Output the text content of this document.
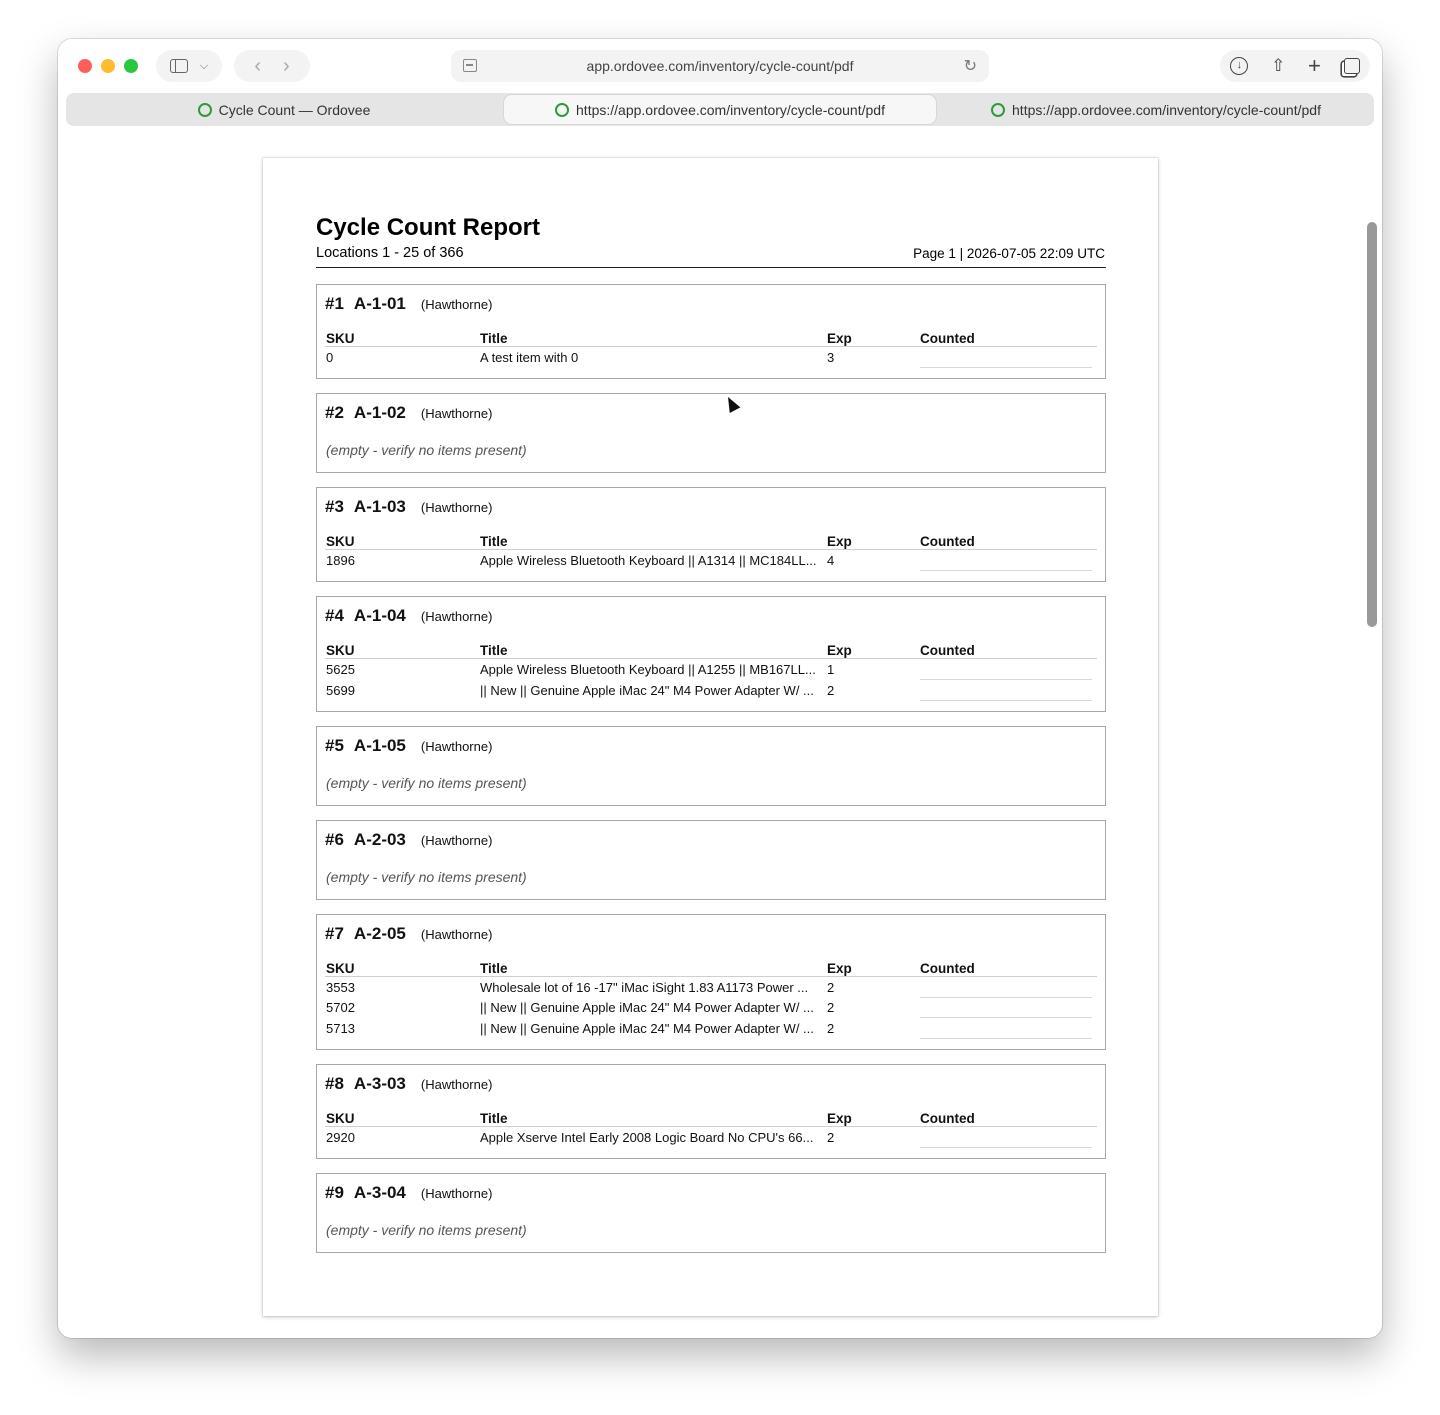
⌵ ‹ ›	app.ordovee.com/inventory/cycle-count/pdf	↻	↓	⇧ +
Cycle Count — Ordovee	https://app.ordovee.com/inventory/cycle-count/pdf	https://app.ordovee.com/inventory/cycle-count/pdf
Cycle Count Report
Locations 1 - 25 of 366	Page 1 | 2026-07-05 22:09 UTC
#1 A-1-01 (Hawthorne)
SKU	Title	Exp	Counted
0	A test item with 0	3
#2 A-1-02 (Hawthorne)
(empty - verify no items present)
#3 A-1-03 (Hawthorne)
SKU	Title	Exp	Counted
1896	Apple Wireless Bluetooth Keyboard || A1314 || MC184LL... 4
#4 A-1-04 (Hawthorne)
SKU	Title	Exp	Counted
5625	Apple Wireless Bluetooth Keyboard || A1255 || MB167LL... 1
5699	|| New || Genuine Apple iMac 24" M4 Power Adapter W/ ... 2
#5 A-1-05 (Hawthorne)
(empty - verify no items present)
#6 A-2-03 (Hawthorne)
(empty - verify no items present)
#7 A-2-05 (Hawthorne)
SKU	Title	Exp	Counted
3553	Wholesale lot of 16 -17" iMac iSight 1.83 A1173 Power ... 2
5702	|| New || Genuine Apple iMac 24" M4 Power Adapter W/ ... 2
5713	|| New || Genuine Apple iMac 24" M4 Power Adapter W/ ... 2
#8 A-3-03 (Hawthorne)
SKU	Title	Exp	Counted
2920	Apple Xserve Intel Early 2008 Logic Board No CPU's 66... 2
#9 A-3-04 (Hawthorne)
(empty - verify no items present)
